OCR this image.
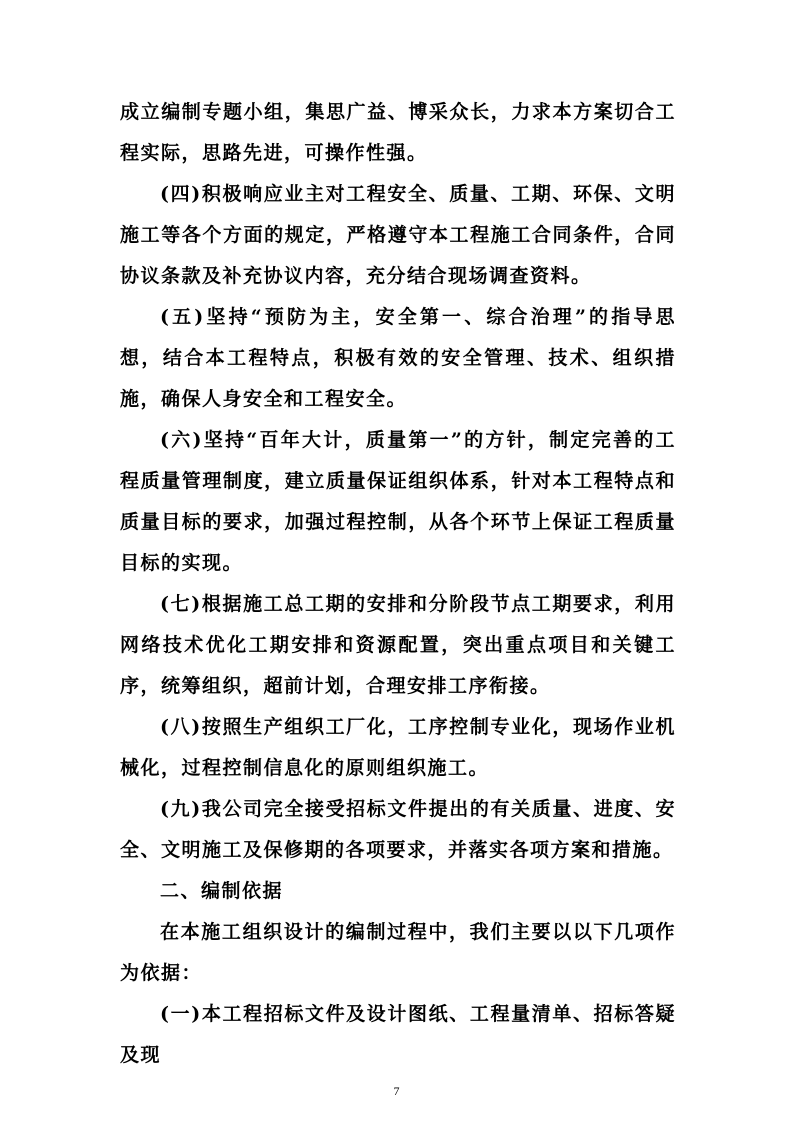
成立编制专题小组，集思广益、博采众长，力求本方案切合工程实际，思路先进，可操作性强。

(四)积极响应业主对工程安全、质量、工期、环保、文明施工等各个方面的规定，严格遵守本工程施工合同条件，合同协议条款及补充协议内容，充分结合现场调查资料。

(五)坚持“预防为主，安全第一、综合治理”的指导思想，结合本工程特点，积极有效的安全管理、技术、组织措施，确保人身安全和工程安全。

(六)坚持“百年大计，质量第一”的方针，制定完善的工程质量管理制度，建立质量保证组织体系，针对本工程特点和质量目标的要求，加强过程控制，从各个环节上保证工程质量目标的实现。

(七)根据施工总工期的安排和分阶段节点工期要求，利用网络技术优化工期安排和资源配置，突出重点项目和关键工序，统筹组织，超前计划，合理安排工序衔接。

(八)按照生产组织工厂化，工序控制专业化，现场作业机械化，过程控制信息化的原则组织施工。

(九)我公司完全接受招标文件提出的有关质量、进度、安全、文明施工及保修期的各项要求，并落实各项方案和措施。

二、编制依据

在本施工组织设计的编制过程中，我们主要以以下几项作为依据：

(一)本工程招标文件及设计图纸、工程量清单、招标答疑及现

7
